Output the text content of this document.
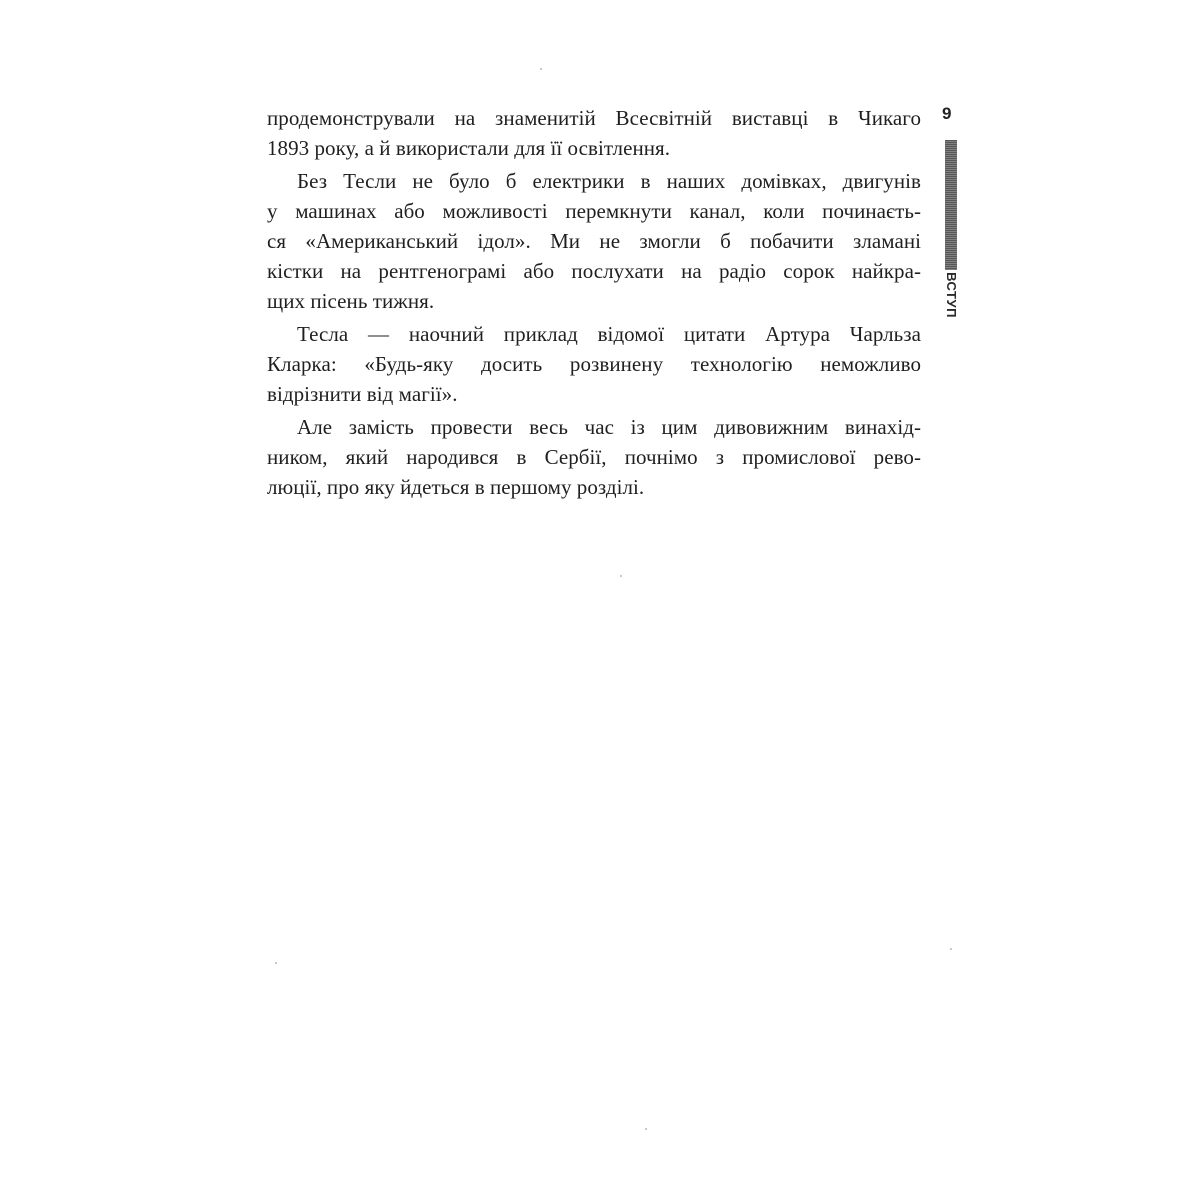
продемонстрували на знаменитій Всесвітній виставці в Чикаго
1893 року, а й використали для її освітлення.
Без Тесли не було б електрики в наших домівках, двигунів
у машинах або можливості перемкнути канал, коли починаєть-
ся «Американський ідол». Ми не змогли б побачити зламані
кістки на рентгенограмі або послухати на радіо сорок найкра-
щих пісень тижня.
Тесла — наочний приклад відомої цитати Артура Чарльза
Кларка: «Будь-яку досить розвинену технологію неможливо
відрізнити від магії».
Але замість провести весь час із цим дивовижним винахід-
ником, який народився в Сербії, почнімо з промислової рево-
люції, про яку йдеться в першому розділі.
9
ВСТУП
